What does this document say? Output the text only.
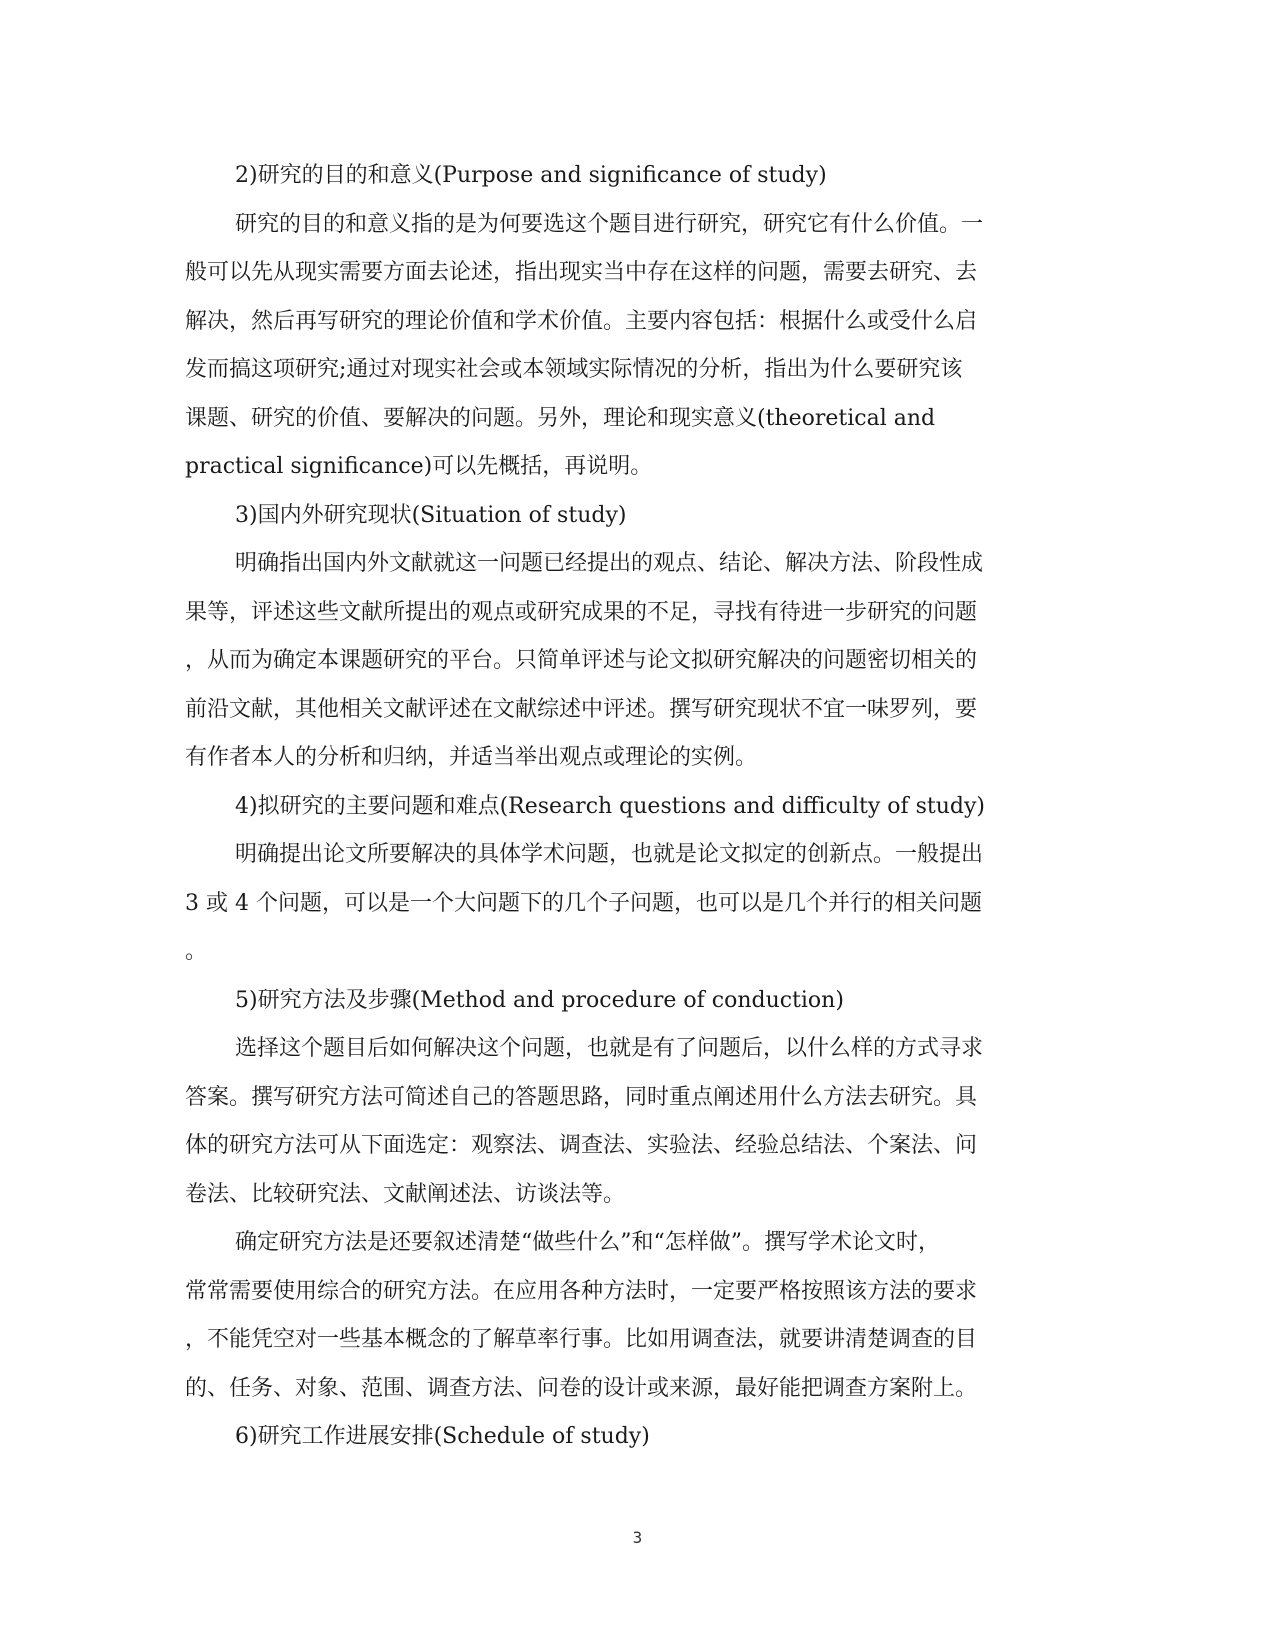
2)研究的目的和意义(Purpose and significance of study)
研究的目的和意义指的是为何要选这个题目进行研究，研究它有什么价值。一
般可以先从现实需要方面去论述，指出现实当中存在这样的问题，需要去研究、去
解决，然后再写研究的理论价值和学术价值。主要内容包括：根据什么或受什么启
发而搞这项研究;通过对现实社会或本领域实际情况的分析，指出为什么要研究该
课题、研究的价值、要解决的问题。另外，理论和现实意义(theoretical and
practical significance)可以先概括，再说明。
3)国内外研究现状(Situation of study)
明确指出国内外文献就这一问题已经提出的观点、结论、解决方法、阶段性成
果等，评述这些文献所提出的观点或研究成果的不足，寻找有待进一步研究的问题
，从而为确定本课题研究的平台。只简单评述与论文拟研究解决的问题密切相关的
前沿文献，其他相关文献评述在文献综述中评述。撰写研究现状不宜一味罗列，要
有作者本人的分析和归纳，并适当举出观点或理论的实例。
4)拟研究的主要问题和难点(Research questions and difficulty of study)
明确提出论文所要解决的具体学术问题，也就是论文拟定的创新点。一般提出
3 或 4 个问题，可以是一个大问题下的几个子问题，也可以是几个并行的相关问题
。
5)研究方法及步骤(Method and procedure of conduction)
选择这个题目后如何解决这个问题，也就是有了问题后，以什么样的方式寻求
答案。撰写研究方法可简述自己的答题思路，同时重点阐述用什么方法去研究。具
体的研究方法可从下面选定：观察法、调查法、实验法、经验总结法、个案法、问
卷法、比较研究法、文献阐述法、访谈法等。
确定研究方法是还要叙述清楚“做些什么”和“怎样做”。撰写学术论文时，
常常需要使用综合的研究方法。在应用各种方法时，一定要严格按照该方法的要求
，不能凭空对一些基本概念的了解草率行事。比如用调查法，就要讲清楚调查的目
的、任务、对象、范围、调查方法、问卷的设计或来源，最好能把调查方案附上。
6)研究工作进展安排(Schedule of study)
3
